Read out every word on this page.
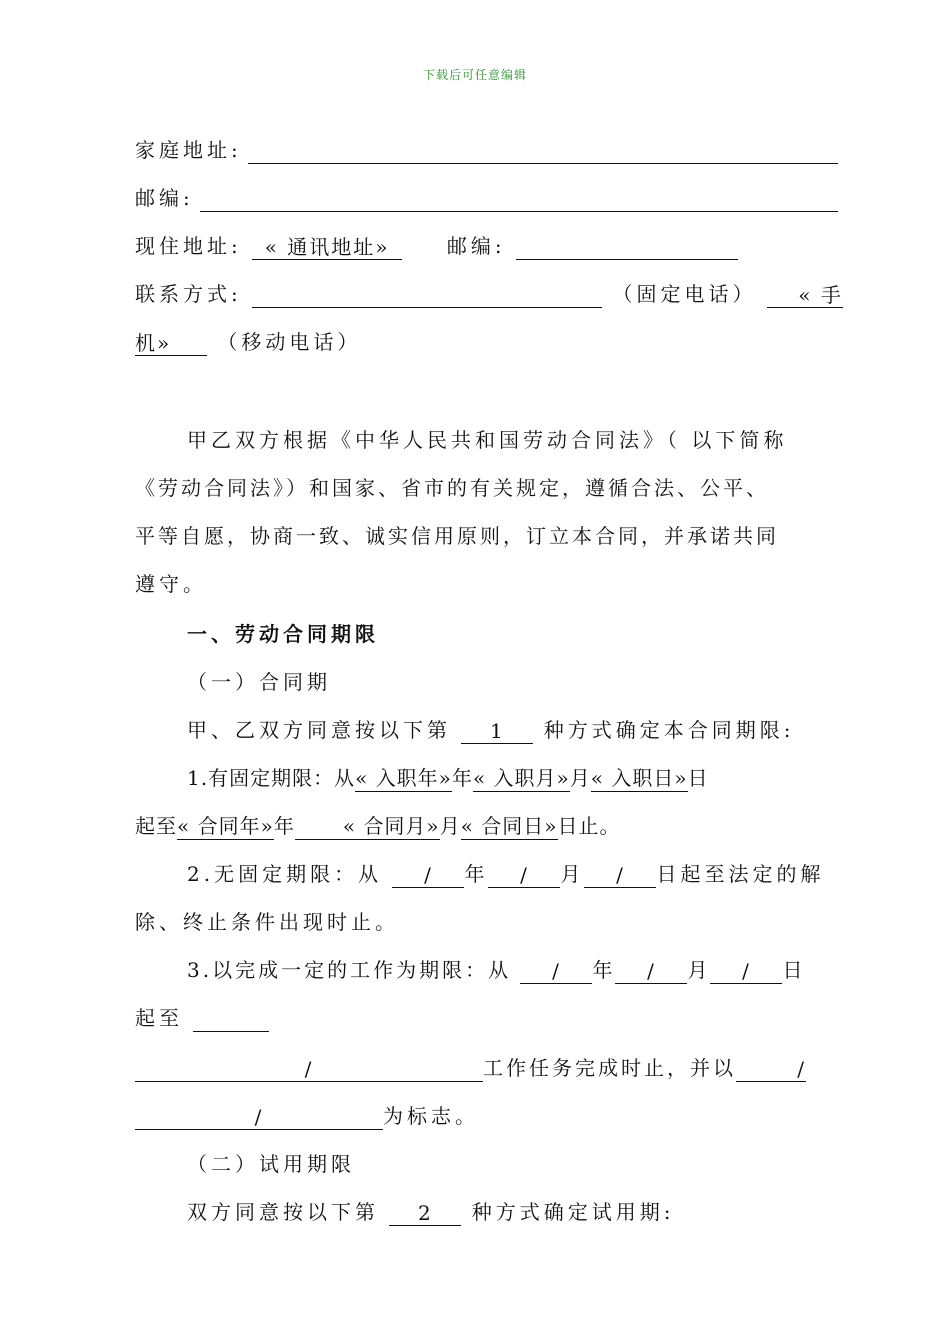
下载后可任意编辑
家庭地址:
邮编:
现住地址: « 通讯地址»	邮编:
联系方式:	（固定电话） « 手
机» （移动电话）
甲乙双方根据《中华人民共和国劳动合同法》（ 以下简称
《劳动合同法》）和国家、省市的有关规定，遵循合法、公平、
平等自愿，协商一致、诚实信用原则，订立本合同，并承诺共同
遵守。
一、劳动合同期限
（一）合同期
甲、乙双方同意按以下第 1 种方式确定本合同期限:
1.有固定期限：从« 入职年»年« 入职月»月« 入职日»日
起至« 合同年»年 « 合同月»月« 合同日»日止。
2.无固定期限：从 / 年 / 月 / 日起至法定的解
除、终止条件出现时止。
3.以完成一定的工作为期限：从 / 年 / 月 / 日
起至
/	工作任务完成时止，并以	/
/	为标志。
（二）试用期限
双方同意按以下第 2 种方式确定试用期:
